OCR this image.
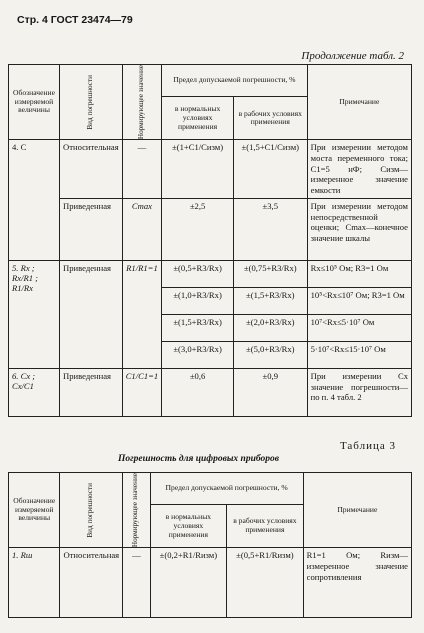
Стр. 4 ГОСТ 23474—79
Продолжение табл. 2
Обозначение измеряемой величины	Вид погрешности	Нормирующее значение	Предел допускаемой погрешности, %		Примечание
			в нормальных условиях применения	в рабочих условиях применения	
4. C	Относительная	—	±(1+C1/Cизм)	±(1,5+C1/Cизм)	При измерении методом моста переменного тока; C1=5 нФ; Cизм—измеренное значение емкости
	Приведенная	Cmax	±2,5	±3,5	При измерении методом непосредственной оценки; Cmax—конечное значение шкалы
5. Rx ; Rx/R1 ; R1/Rx	Приведенная	R1/R1=1	±(0,5+R3/Rx)	±(0,75+R3/Rx)	Rx≤10⁵ Ом; R3=1 Ом
			±(1,0+R3/Rx)	±(1,5+R3/Rx)	10⁵<Rx≤10⁷ Ом; R3=1 Ом
			±(1,5+R3/Rx)	±(2,0+R3/Rx)	10⁷<Rx≤5·10⁷ Ом
			±(3,0+R3/Rx)	±(5,0+R3/Rx)	5·10⁷<Rx≤15·10⁷ Ом
6. Cx ; Cx/C1	Приведенная	C1/C1=1	±0,6	±0,9	При измерении Cx значение погрешности—по п. 4 табл. 2
Таблица 3
Погрешность для цифровых приборов
Обозначение измеряемой величины	Вид погрешности	Нормирующее значение	Предел допускаемой погрешности, %		Примечание
			в нормальных условиях применения	в рабочих условиях применения	
1. Rш	Относительная	—	±(0,2+R1/Rизм)	±(0,5+R1/Rизм)	R1=1 Ом; Rизм—измеренное значение сопротивления
